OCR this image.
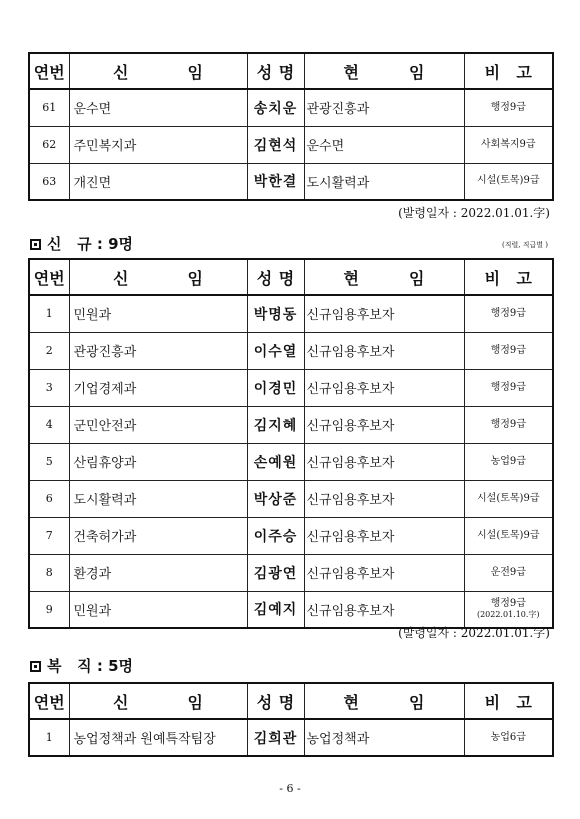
연번	신 임	성 명	현 임	비 고

61	운수면	송치운	관광진흥과	행정9급
62	주민복지과	김현석	운수면	사회복지9급
63	개진면	박한결	도시활력과	시설(토목)9급
(발령일자 : 2022.01.01.字)
신   규 : 9명	(직렬, 직급별 )
연번	신 임	성 명	현 임	비 고

1	민원과	박명동	신규임용후보자	행정9급
2	관광진흥과	이수열	신규임용후보자	행정9급
3	기업경제과	이경민	신규임용후보자	행정9급
4	군민안전과	김지혜	신규임용후보자	행정9급
5	산림휴양과	손예원	신규임용후보자	농업9급
6	도시활력과	박상준	신규임용후보자	시설(토목)9급
7	건축허가과	이주승	신규임용후보자	시설(토목)9급
8	환경과	김광연	신규임용후보자	운전9급
9	민원과	김예지	신규임용후보자	행정9급
(2022.01.10.字)
(발령일자 : 2022.01.01.字)
복   직 : 5명
연번	신 임	성 명	현 임	비 고

1	농업정책과 원예특작팀장	김희관	농업정책과	농업6급
- 6 -
